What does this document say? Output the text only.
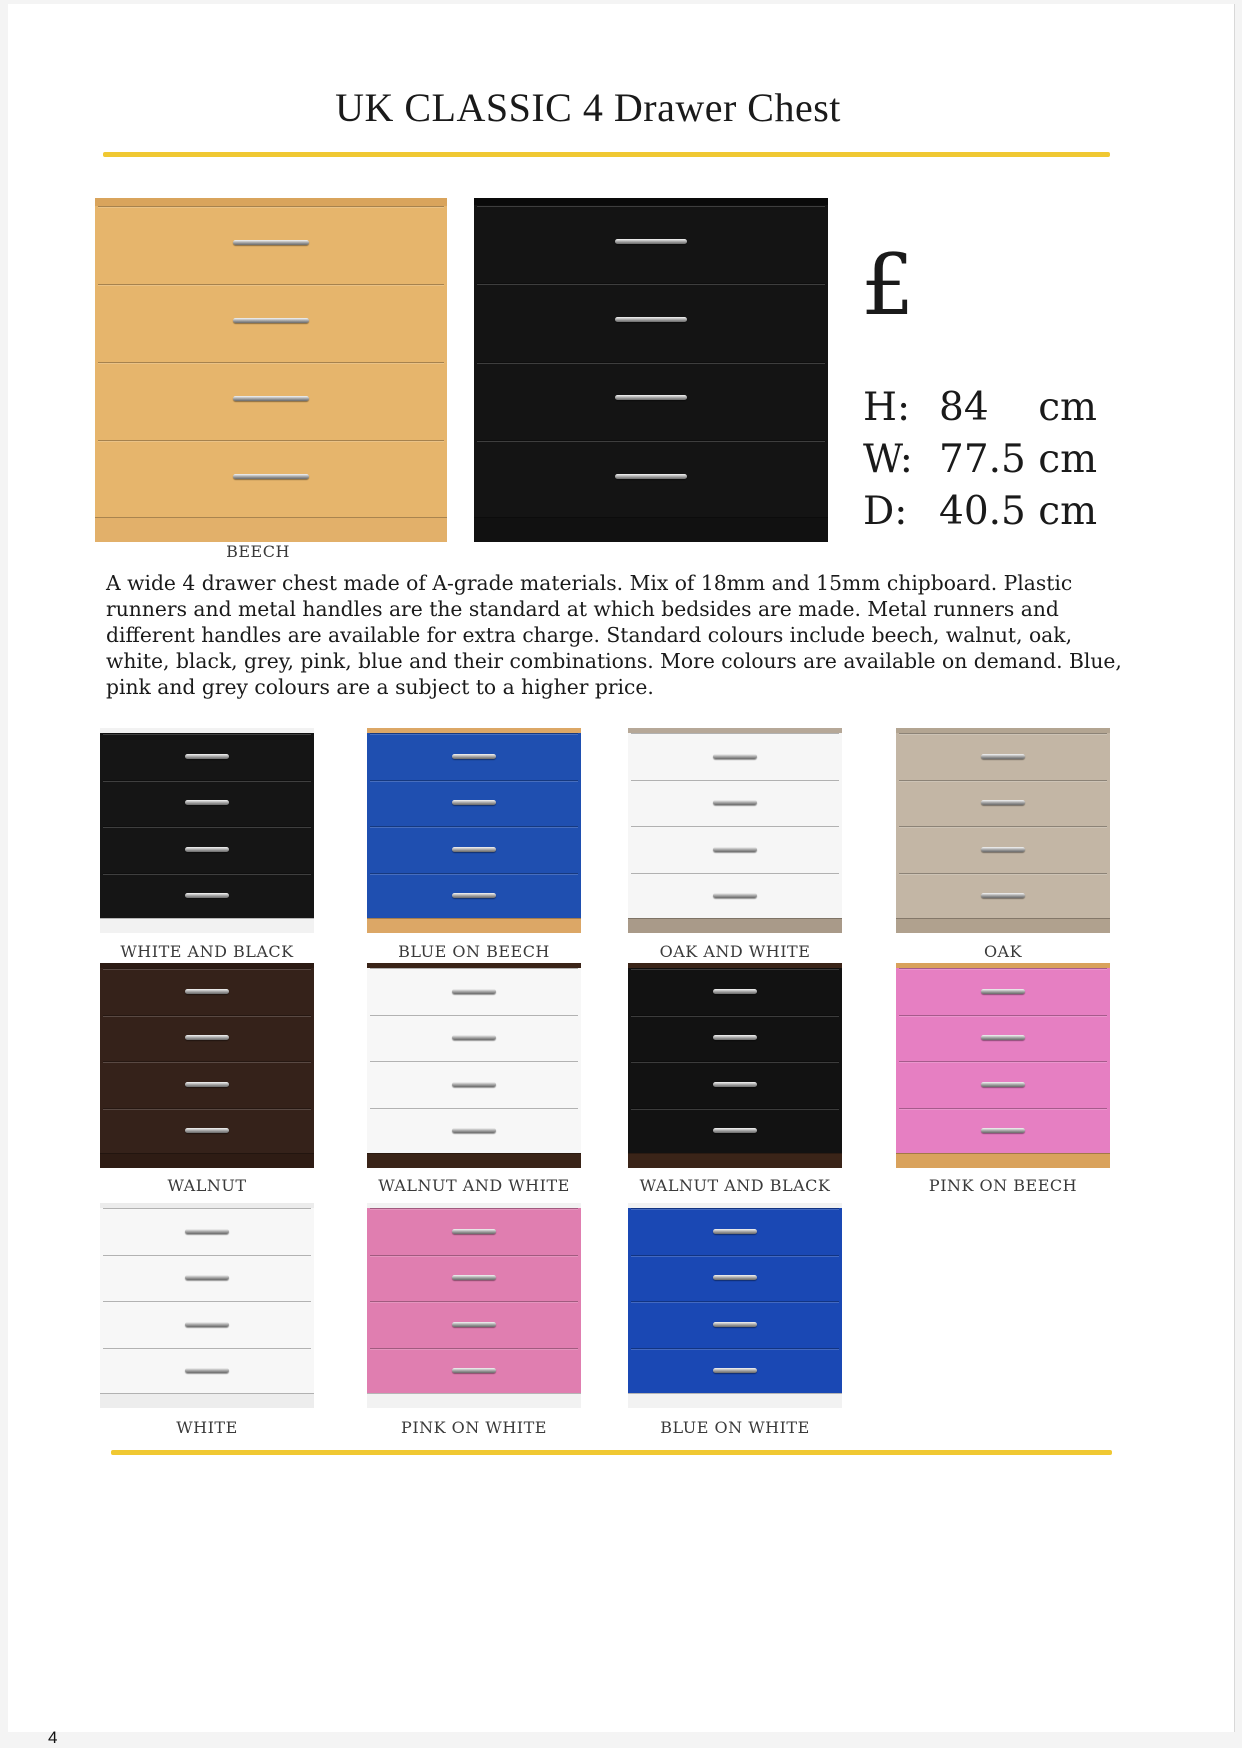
UK CLASSIC 4 Drawer Chest
BEECH
£
H: 84    cm
W: 77.5 cm
D: 40.5 cm
A wide 4 drawer chest made of A-grade materials. Mix of 18mm and 15mm chipboard. Plastic runners and metal handles are the standard at which bedsides are made. Metal runners and different handles are available for extra charge. Standard colours include beech, walnut, oak, white, black, grey, pink, blue and their combinations. More colours are available on demand. Blue, pink and grey colours are a subject to a higher price.
WHITE AND BLACK	BLUE ON BEECH	OAK AND WHITE	OAK
WALNUT	WALNUT AND WHITE	WALNUT AND BLACK	PINK ON BEECH
WHITE	PINK ON WHITE	BLUE ON WHITE
4
